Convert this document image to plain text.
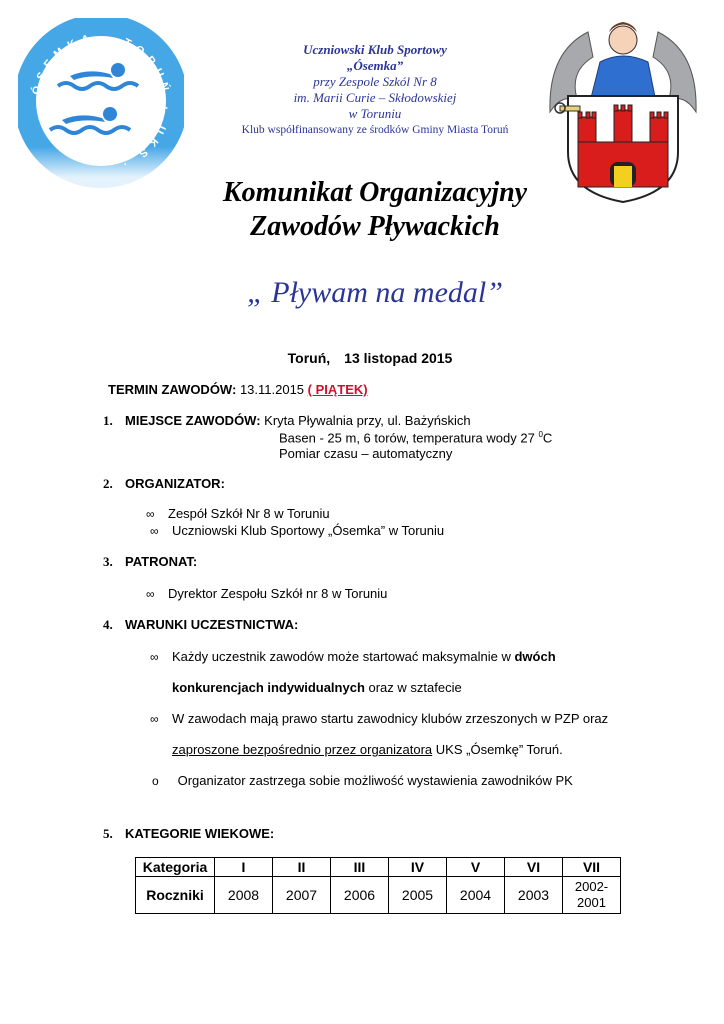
ÓSEMKA · TORUŃ · UKS ·
Uczniowski Klub Sportowy
„Ósemka”
przy Zespole Szkól Nr 8
im. Marii Curie – Skłodowskiej
w Toruniu
Klub współfinansowany ze środków Gminy Miasta Toruń
Komunikat Organizacyjny
Zawodów Pływackich
„ Pływam na medal”
Toruń, 13 listopad 2015
TERMIN ZAWODÓW: 13.11.2015 ( PIĄTEK)
1. MIEJSCE ZAWODÓW: Kryta Pływalnia przy, ul. Bażyńskich
Basen - 25 m, 6 torów, temperatura wody 27 $^0$C
Pomiar czasu – automatyczny
2. ORGANIZATOR:
∞ Zespół Szkół Nr 8 w Toruniu
∞ Uczniowski Klub Sportowy „Ósemka” w Toruniu
3. PATRONAT:
∞ Dyrektor Zespołu Szkół nr 8 w Toruniu
4. WARUNKI UCZESTNICTWA:
∞ Każdy uczestnik zawodów może startować maksymalnie w dwóch
konkurencjach indywidualnych oraz w sztafecie
∞ W zawodach mają prawo startu zawodnicy klubów zrzeszonych w PZP oraz
zaproszone bezpośrednio przez organizatora UKS „Ósemkę” Toruń.
o Organizator zastrzega sobie możliwość wystawienia zawodników PK
5. KATEGORIE WIEKOWE:
Kategoria	I	II	III	IV	V	VI	VII
Roczniki	2008	2007	2006	2005	2004	2003	2002-
2001
